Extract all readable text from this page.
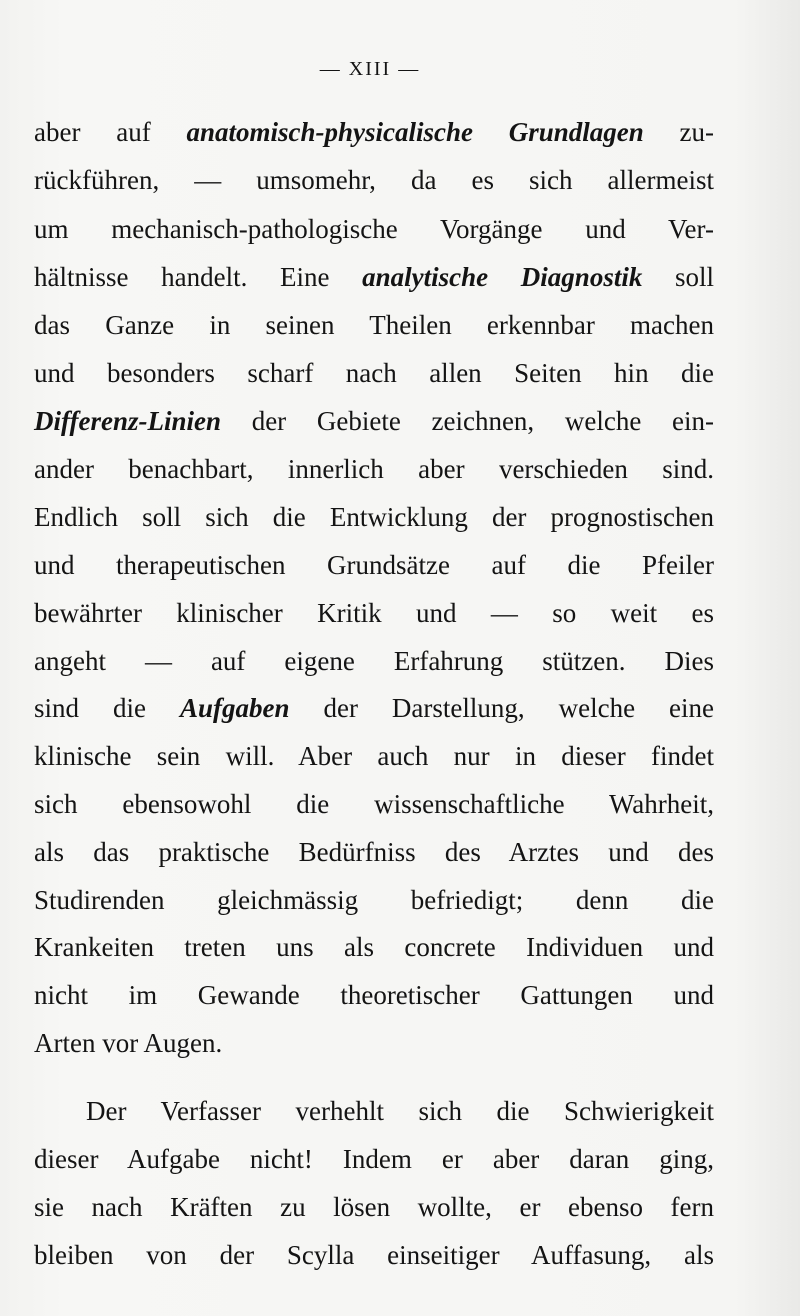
— XIII —
aber auf anatomisch-physicalische Grundlagen zu-
rückführen, — umsomehr, da es sich allermeist
um mechanisch-pathologische Vorgänge und Ver-
hältnisse handelt. Eine analytische Diagnostik soll
das Ganze in seinen Theilen erkennbar machen
und besonders scharf nach allen Seiten hin die
Differenz-Linien der Gebiete zeichnen, welche ein-
ander benachbart, innerlich aber verschieden sind.
Endlich soll sich die Entwicklung der prognostischen
und therapeutischen Grundsätze auf die Pfeiler
bewährter klinischer Kritik und — so weit es
angeht — auf eigene Erfahrung stützen. Dies
sind die Aufgaben der Darstellung, welche eine
klinische sein will. Aber auch nur in dieser findet
sich ebensowohl die wissenschaftliche Wahrheit,
als das praktische Bedürfniss des Arztes und des
Studirenden gleichmässig befriedigt; denn die
Krankeiten treten uns als concrete Individuen und
nicht im Gewande theoretischer Gattungen und
Arten vor Augen.
Der Verfasser verhehlt sich die Schwierigkeit
dieser Aufgabe nicht! Indem er aber daran ging,
sie nach Kräften zu lösen wollte, er ebenso fern
bleiben von der Scylla einseitiger Auffasung, als
